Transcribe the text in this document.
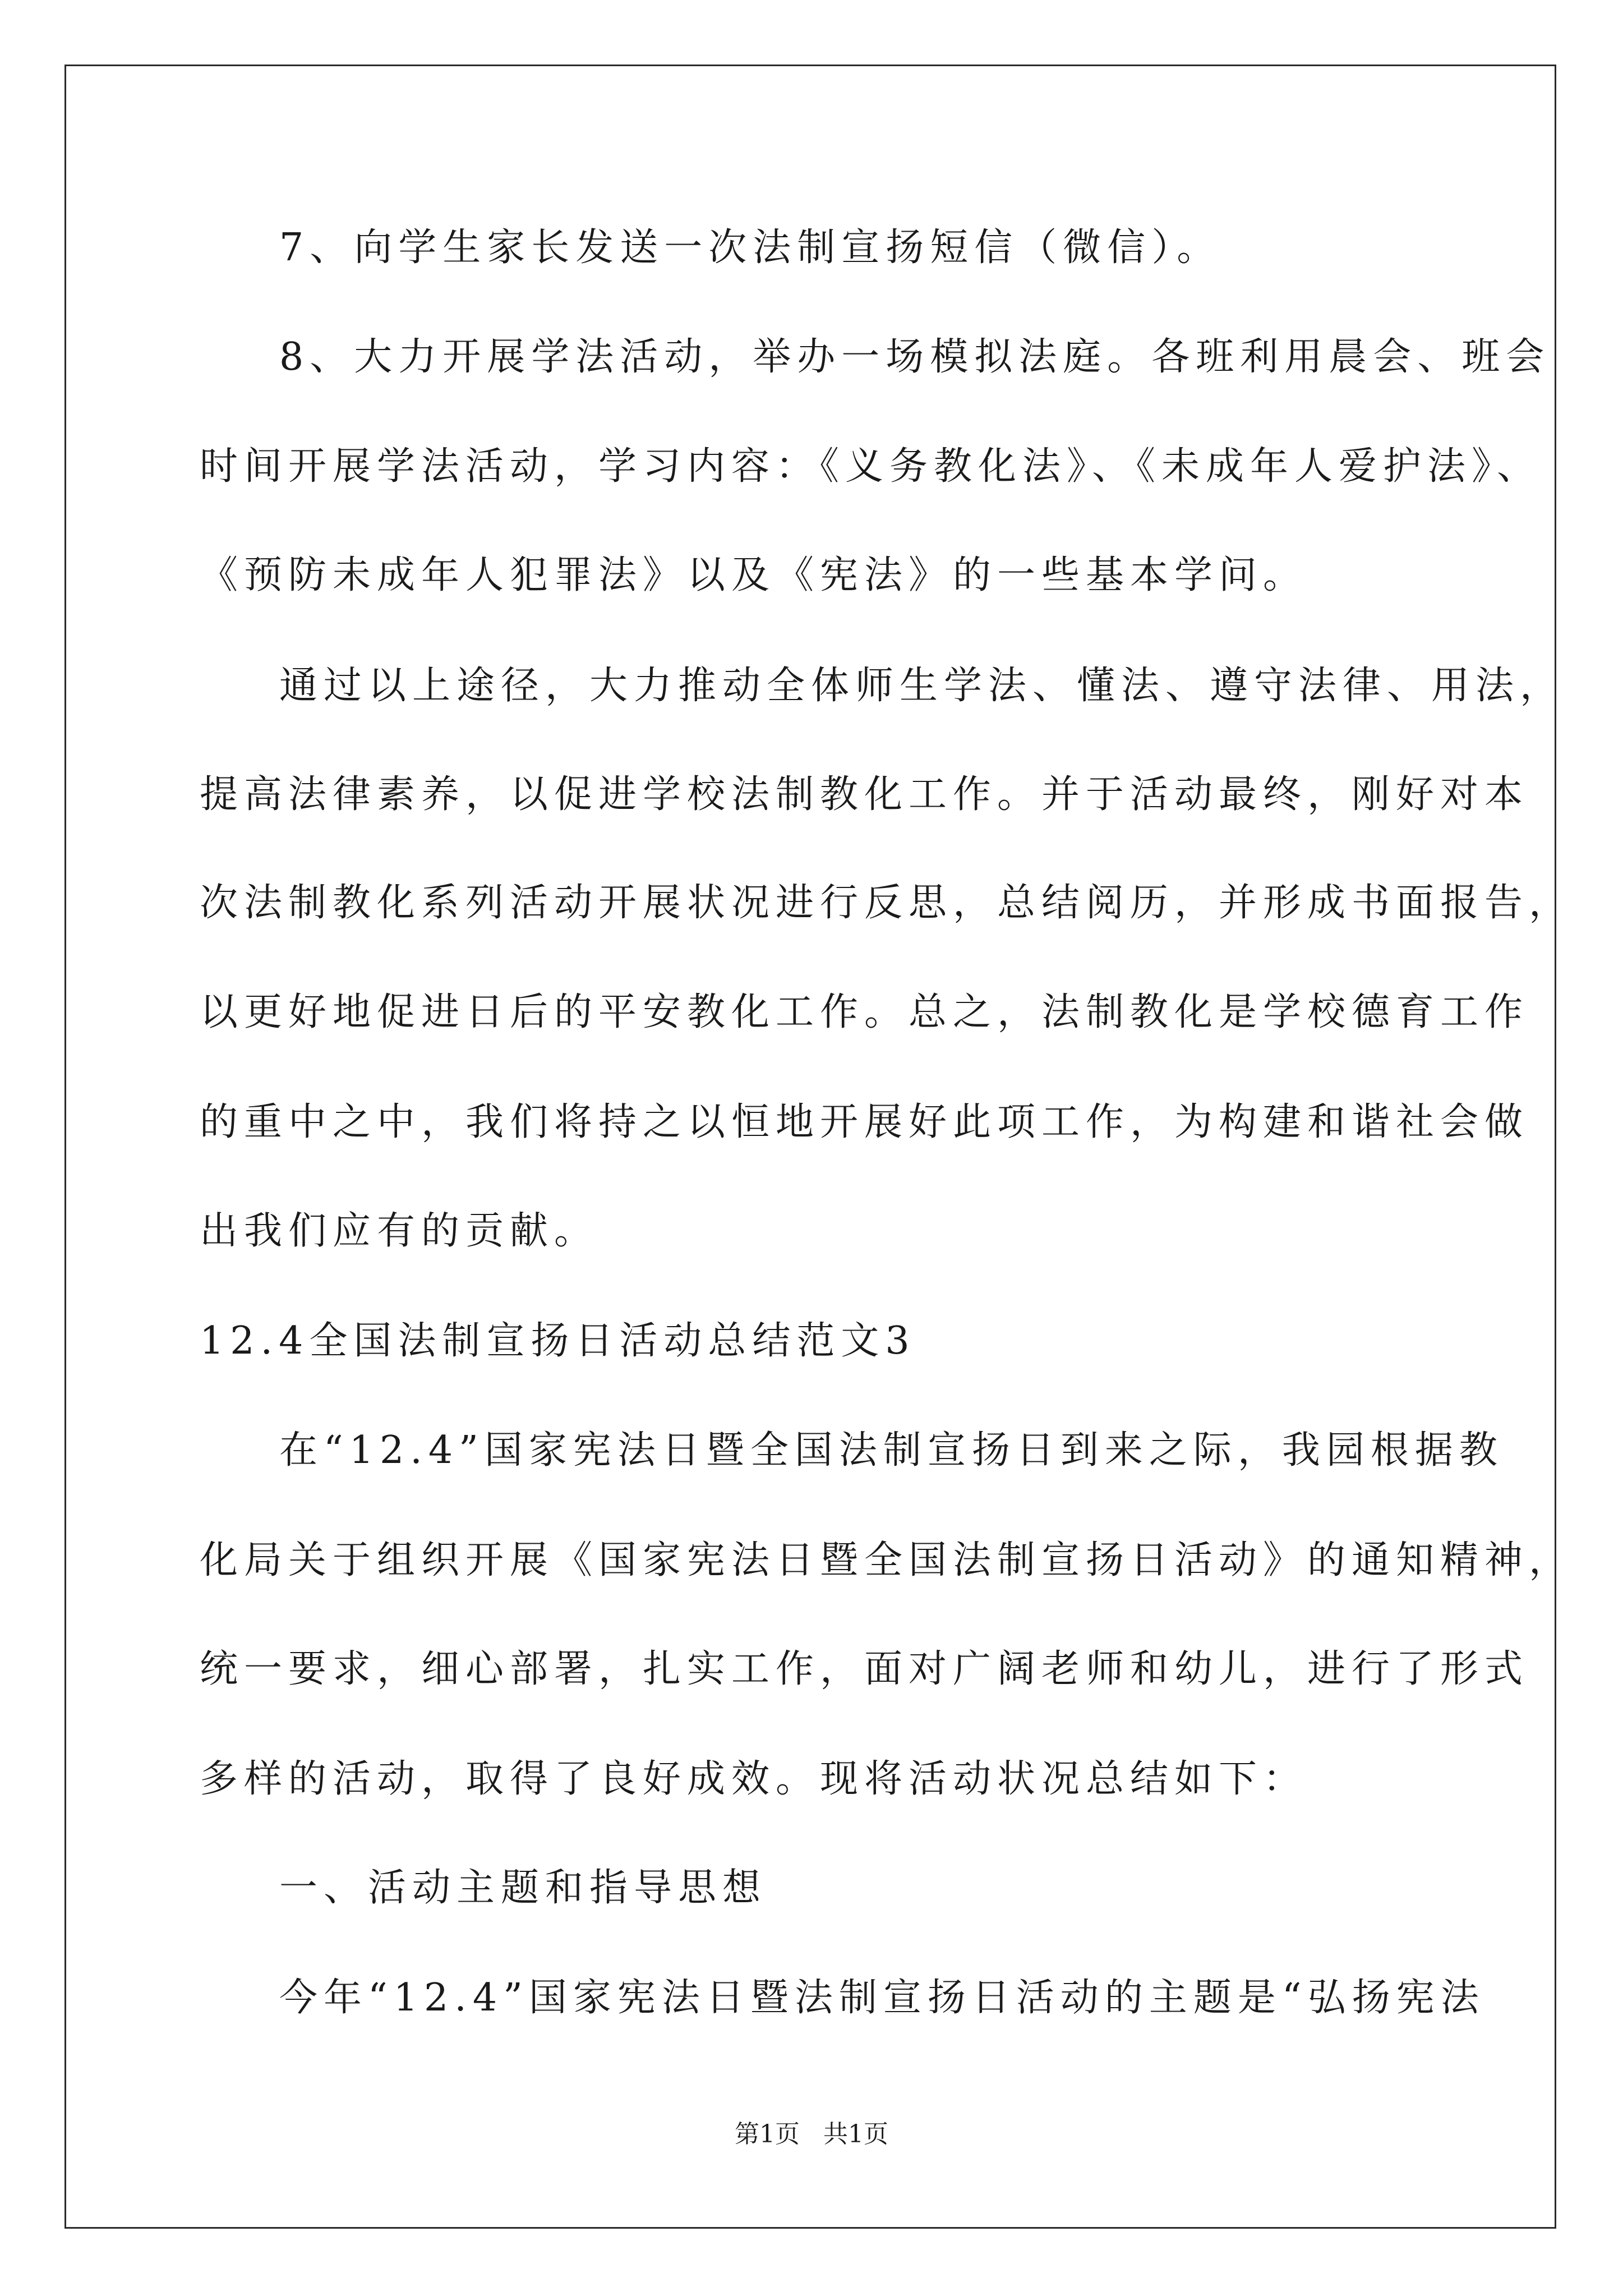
7、向学生家长发送一次法制宣扬短信（微信）。
8、大力开展学法活动，举办一场模拟法庭。各班利用晨会、班会
时间开展学法活动，学习内容：《义务教化法》、《未成年人爱护法》、
《预防未成年人犯罪法》以及《宪法》的一些基本学问。
通过以上途径，大力推动全体师生学法、懂法、遵守法律、用法，
提高法律素养，以促进学校法制教化工作。并于活动最终，刚好对本
次法制教化系列活动开展状况进行反思，总结阅历，并形成书面报告，
以更好地促进日后的平安教化工作。总之，法制教化是学校德育工作
的重中之中，我们将持之以恒地开展好此项工作，为构建和谐社会做
出我们应有的贡献。
12.4全国法制宣扬日活动总结范文3
在“12.4”国家宪法日暨全国法制宣扬日到来之际，我园根据教
化局关于组织开展《国家宪法日暨全国法制宣扬日活动》的通知精神，
统一要求，细心部署，扎实工作，面对广阔老师和幼儿，进行了形式
多样的活动，取得了良好成效。现将活动状况总结如下：
一、活动主题和指导思想
今年“12.4”国家宪法日暨法制宣扬日活动的主题是“弘扬宪法
第1页   共1页
